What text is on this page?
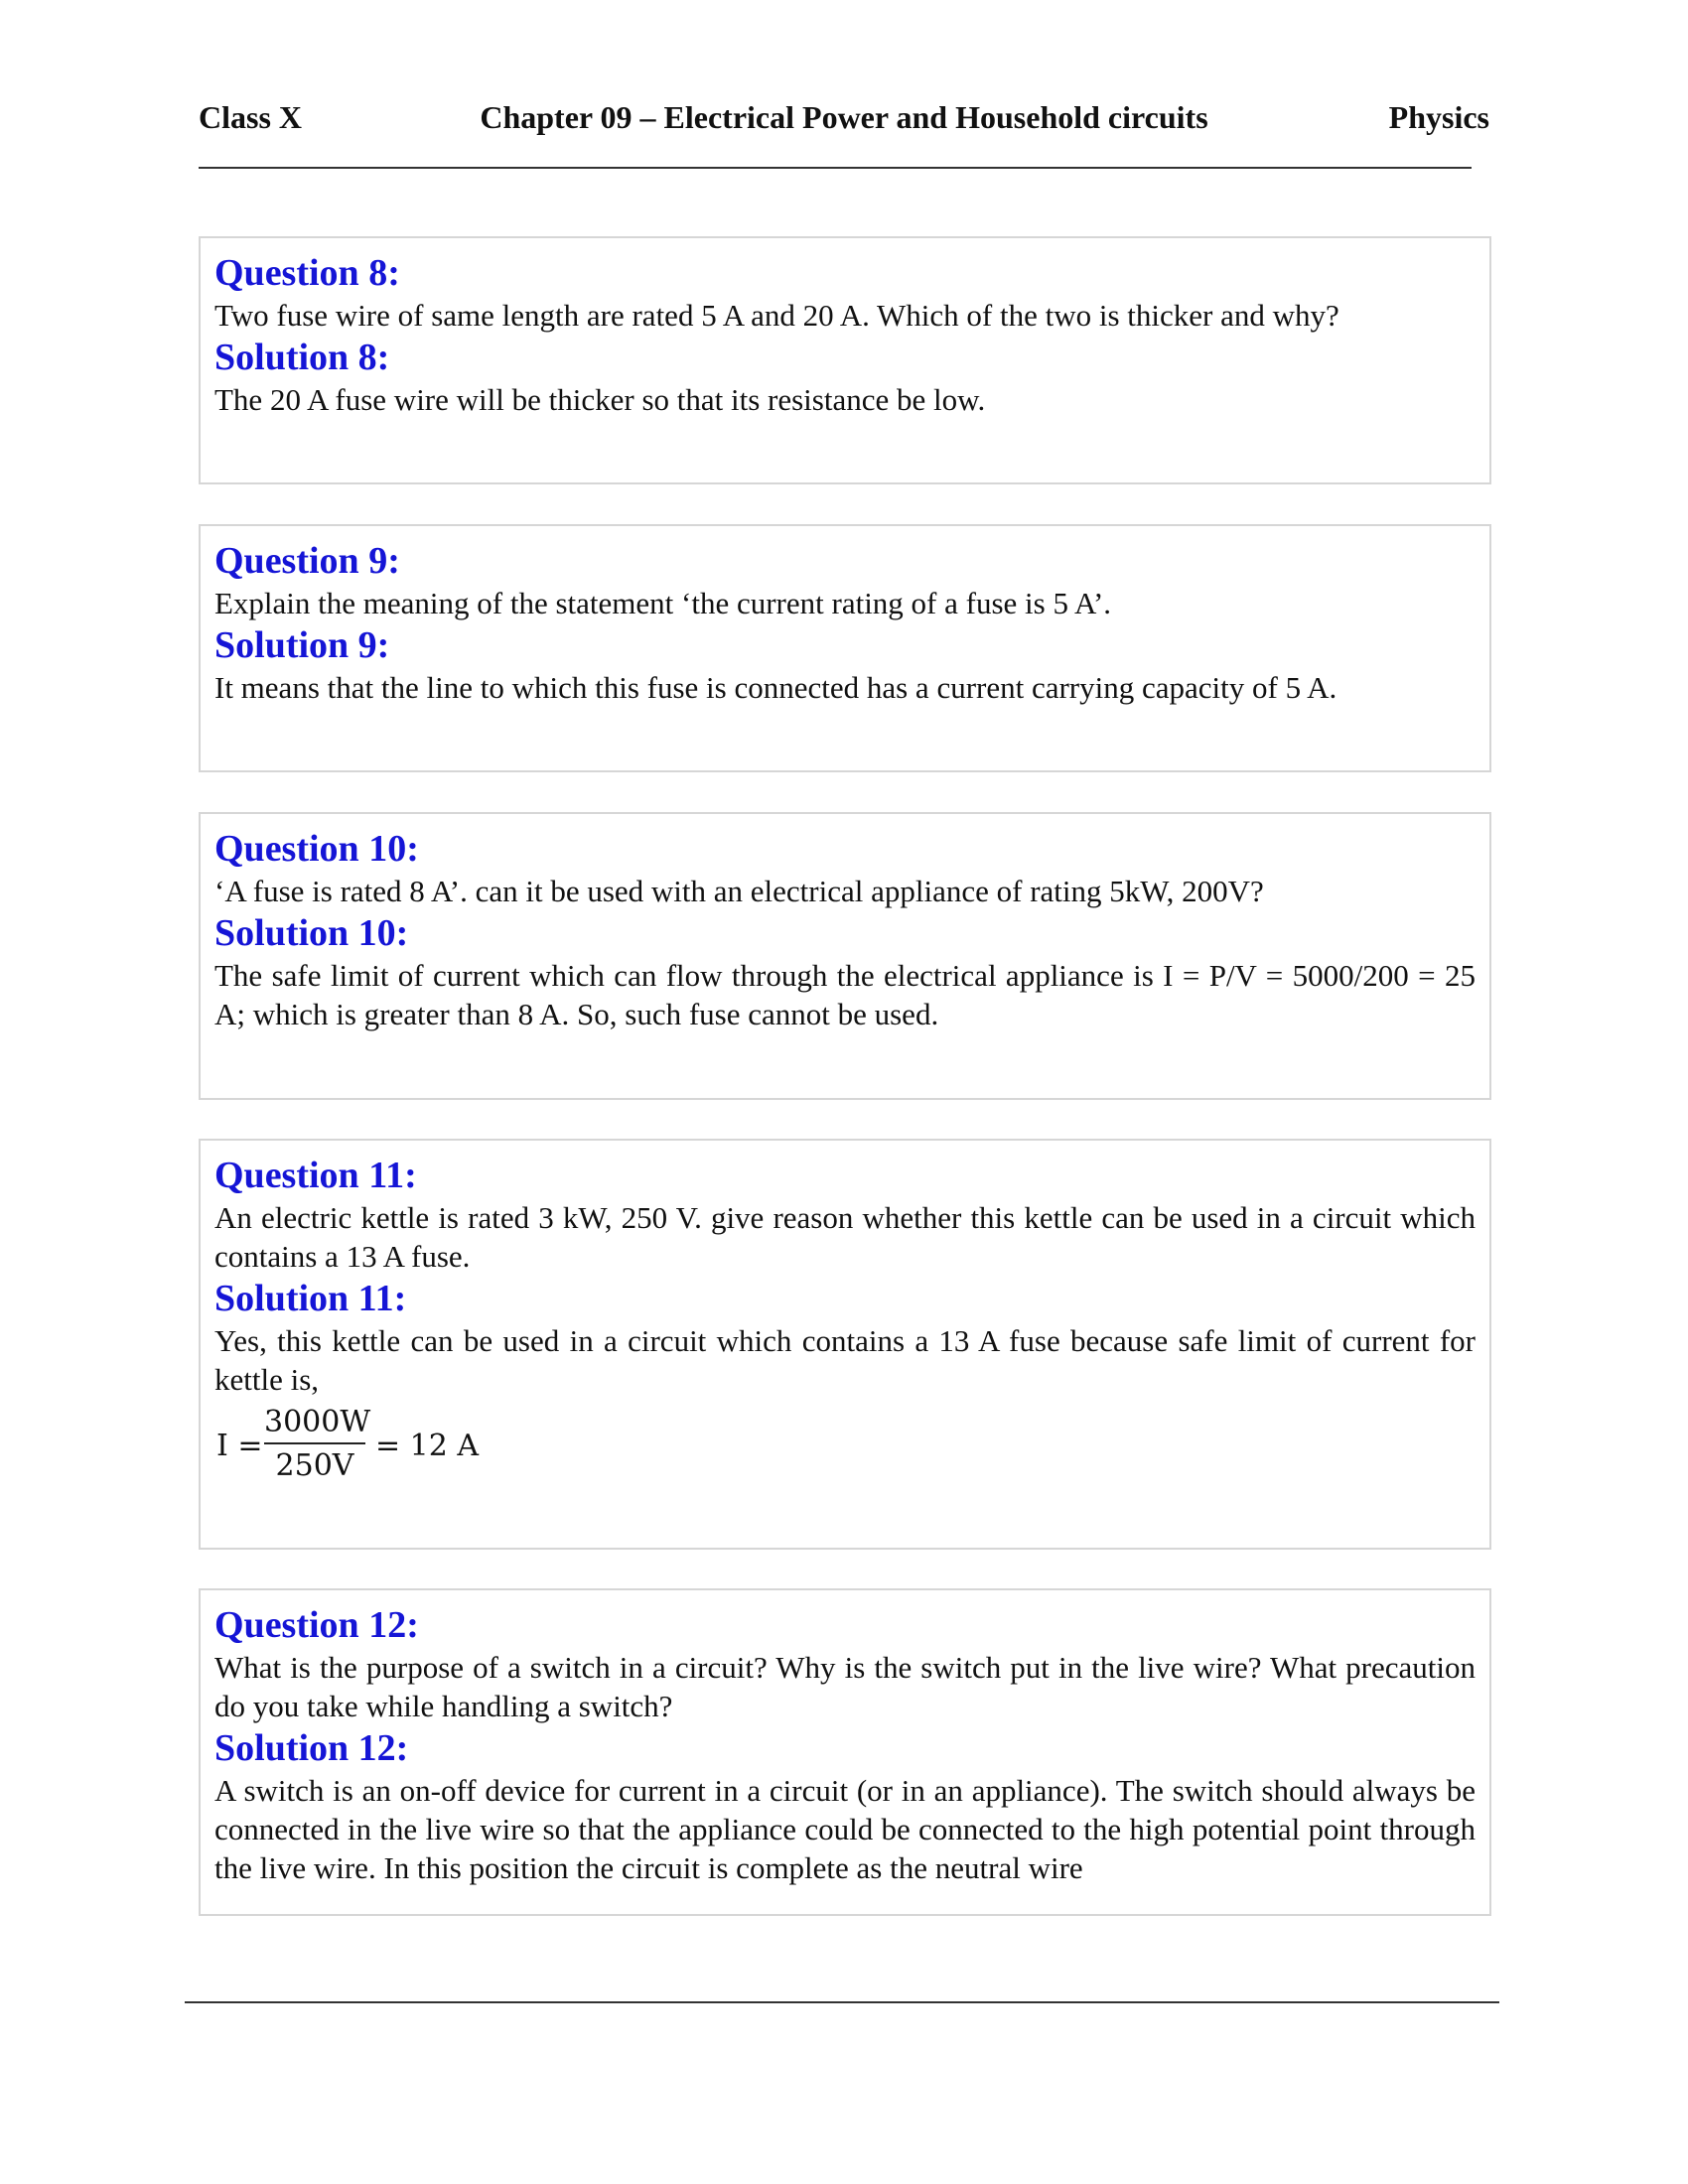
Class X	Chapter 09 – Electrical Power and Household circuits	Physics
Question 8:

Two fuse wire of same length are rated 5 A and 20 A. Which of the two is thicker and why?

Solution 8:

The 20 A fuse wire will be thicker so that its resistance be low.

Question 9:

Explain the meaning of the statement ‘the current rating of a fuse is 5 A’.

Solution 9:

It means that the line to which this fuse is connected has a current carrying capacity of 5 A.

Question 10:

‘A fuse is rated 8 A’. can it be used with an electrical appliance of rating 5kW, 200V?

Solution 10:

The safe limit of current which can flow through the electrical appliance is I = P/V = 5000/200 = 25 A; which is greater than 8 A. So, such fuse cannot be used.

Question 11:

An electric kettle is rated 3 kW, 250 V. give reason whether this kettle can be used in a circuit which contains a 13 A fuse.

Solution 11:

Yes, this kettle can be used in a circuit which contains a 13 A fuse because safe limit of current for kettle is,

I =
3000W
250V
= 12 A
Question 12:

What is the purpose of a switch in a circuit? Why is the switch put in the live wire? What precaution do you take while handling a switch?

Solution 12:

A switch is an on-off device for current in a circuit (or in an appliance). The switch should always be connected in the live wire so that the appliance could be connected to the high potential point through the live wire. In this position the circuit is complete as the neutral wire
